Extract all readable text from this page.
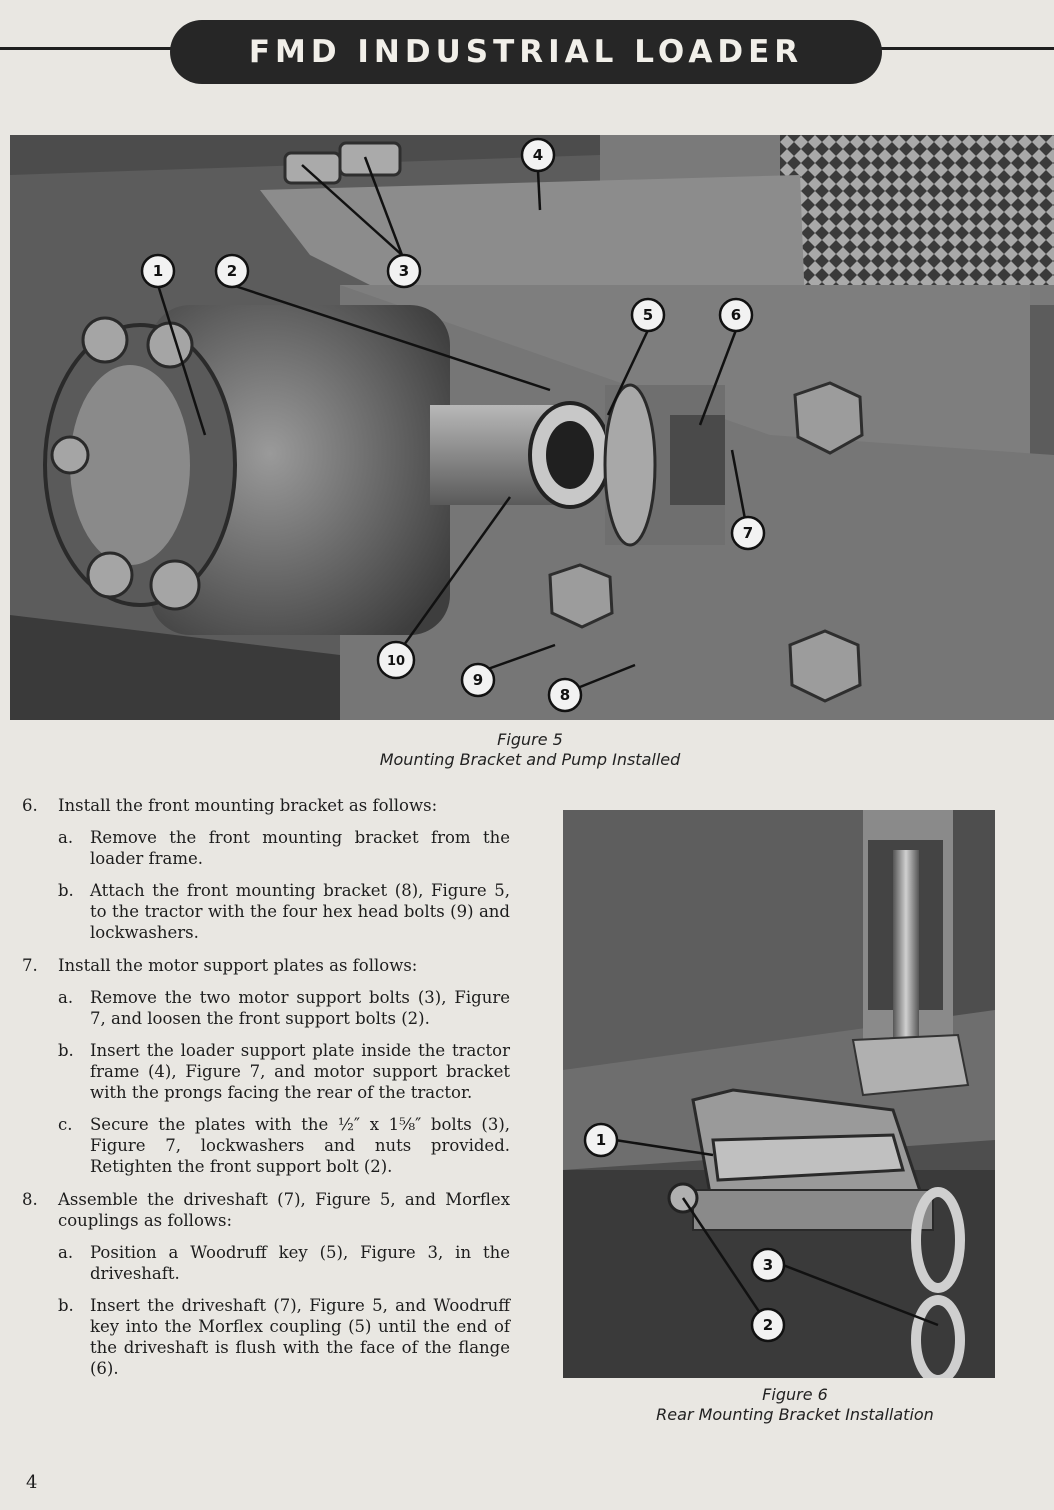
FMD INDUSTRIAL LOADER
1	2	3
4
5	6
7
8
9
10
Figure 5
Mounting Bracket and Pump Installed
6. Install the front mounting bracket as follows:
a. Remove the front mounting bracket from the loader frame.
b. Attach the front mounting bracket (8), Figure 5, to the tractor with the four hex head bolts (9) and lockwashers.
7. Install the motor support plates as follows:
a. Remove the two motor support bolts (3), Figure 7, and loosen the front support bolts (2).
b. Insert the loader support plate inside the tractor frame (4), Figure 7, and motor support bracket with the prongs facing the rear of the tractor.
c. Secure the plates with the ½″ x 1⅝″ bolts (3), Figure 7, lockwashers and nuts provided. Retighten the front support bolt (2).
8. Assemble the driveshaft (7), Figure 5, and Morflex couplings as follows:
a. Position a Woodruff key (5), Figure 3, in the driveshaft.
b. Insert the driveshaft (7), Figure 5, and Woodruff key into the Morflex coupling (5) until the end of the driveshaft is flush with the face of the flange (6).
1
2
3
Figure 6
Rear Mounting Bracket Installation
4
